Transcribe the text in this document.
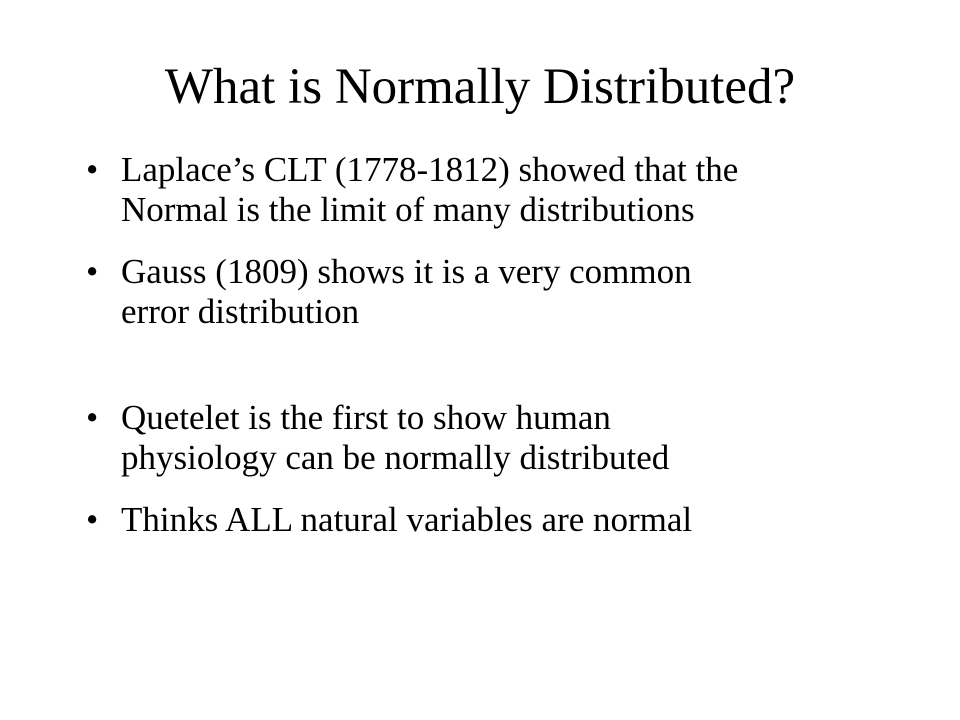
What is Normally Distributed?
• Laplace’s CLT (1778-1812) showed that the
Normal is the limit of many distributions
• Gauss (1809) shows it is a very common
error distribution
• Quetelet is the first to show human
physiology can be normally distributed
• Thinks ALL natural variables are normal
